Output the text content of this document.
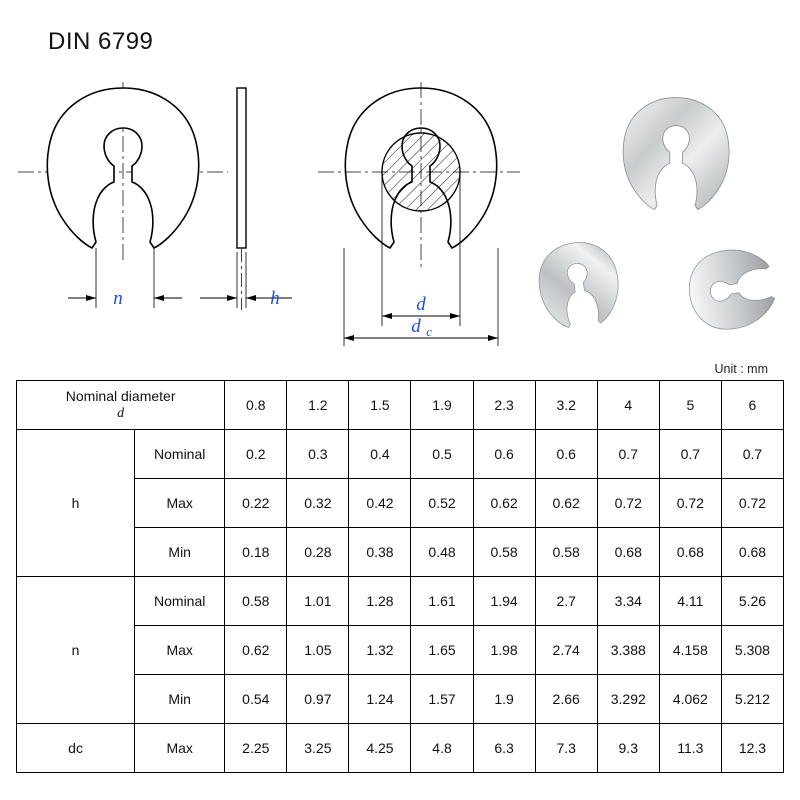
DIN 6799
n	h	d
d c
Unit : mm
Nominal diameter
d		0.8	1.2	1.5	1.9	2.3	3.2	4	5	6
h	Nominal	0.2	0.3	0.4	0.5	0.6	0.6	0.7	0.7	0.7
	Max	0.22	0.32	0.42	0.52	0.62	0.62	0.72	0.72	0.72
	Min	0.18	0.28	0.38	0.48	0.58	0.58	0.68	0.68	0.68
n	Nominal	0.58	1.01	1.28	1.61	1.94	2.7	3.34	4.11	5.26
	Max	0.62	1.05	1.32	1.65	1.98	2.74	3.388	4.158	5.308
	Min	0.54	0.97	1.24	1.57	1.9	2.66	3.292	4.062	5.212
dc	Max	2.25	3.25	4.25	4.8	6.3	7.3	9.3	11.3	12.3
